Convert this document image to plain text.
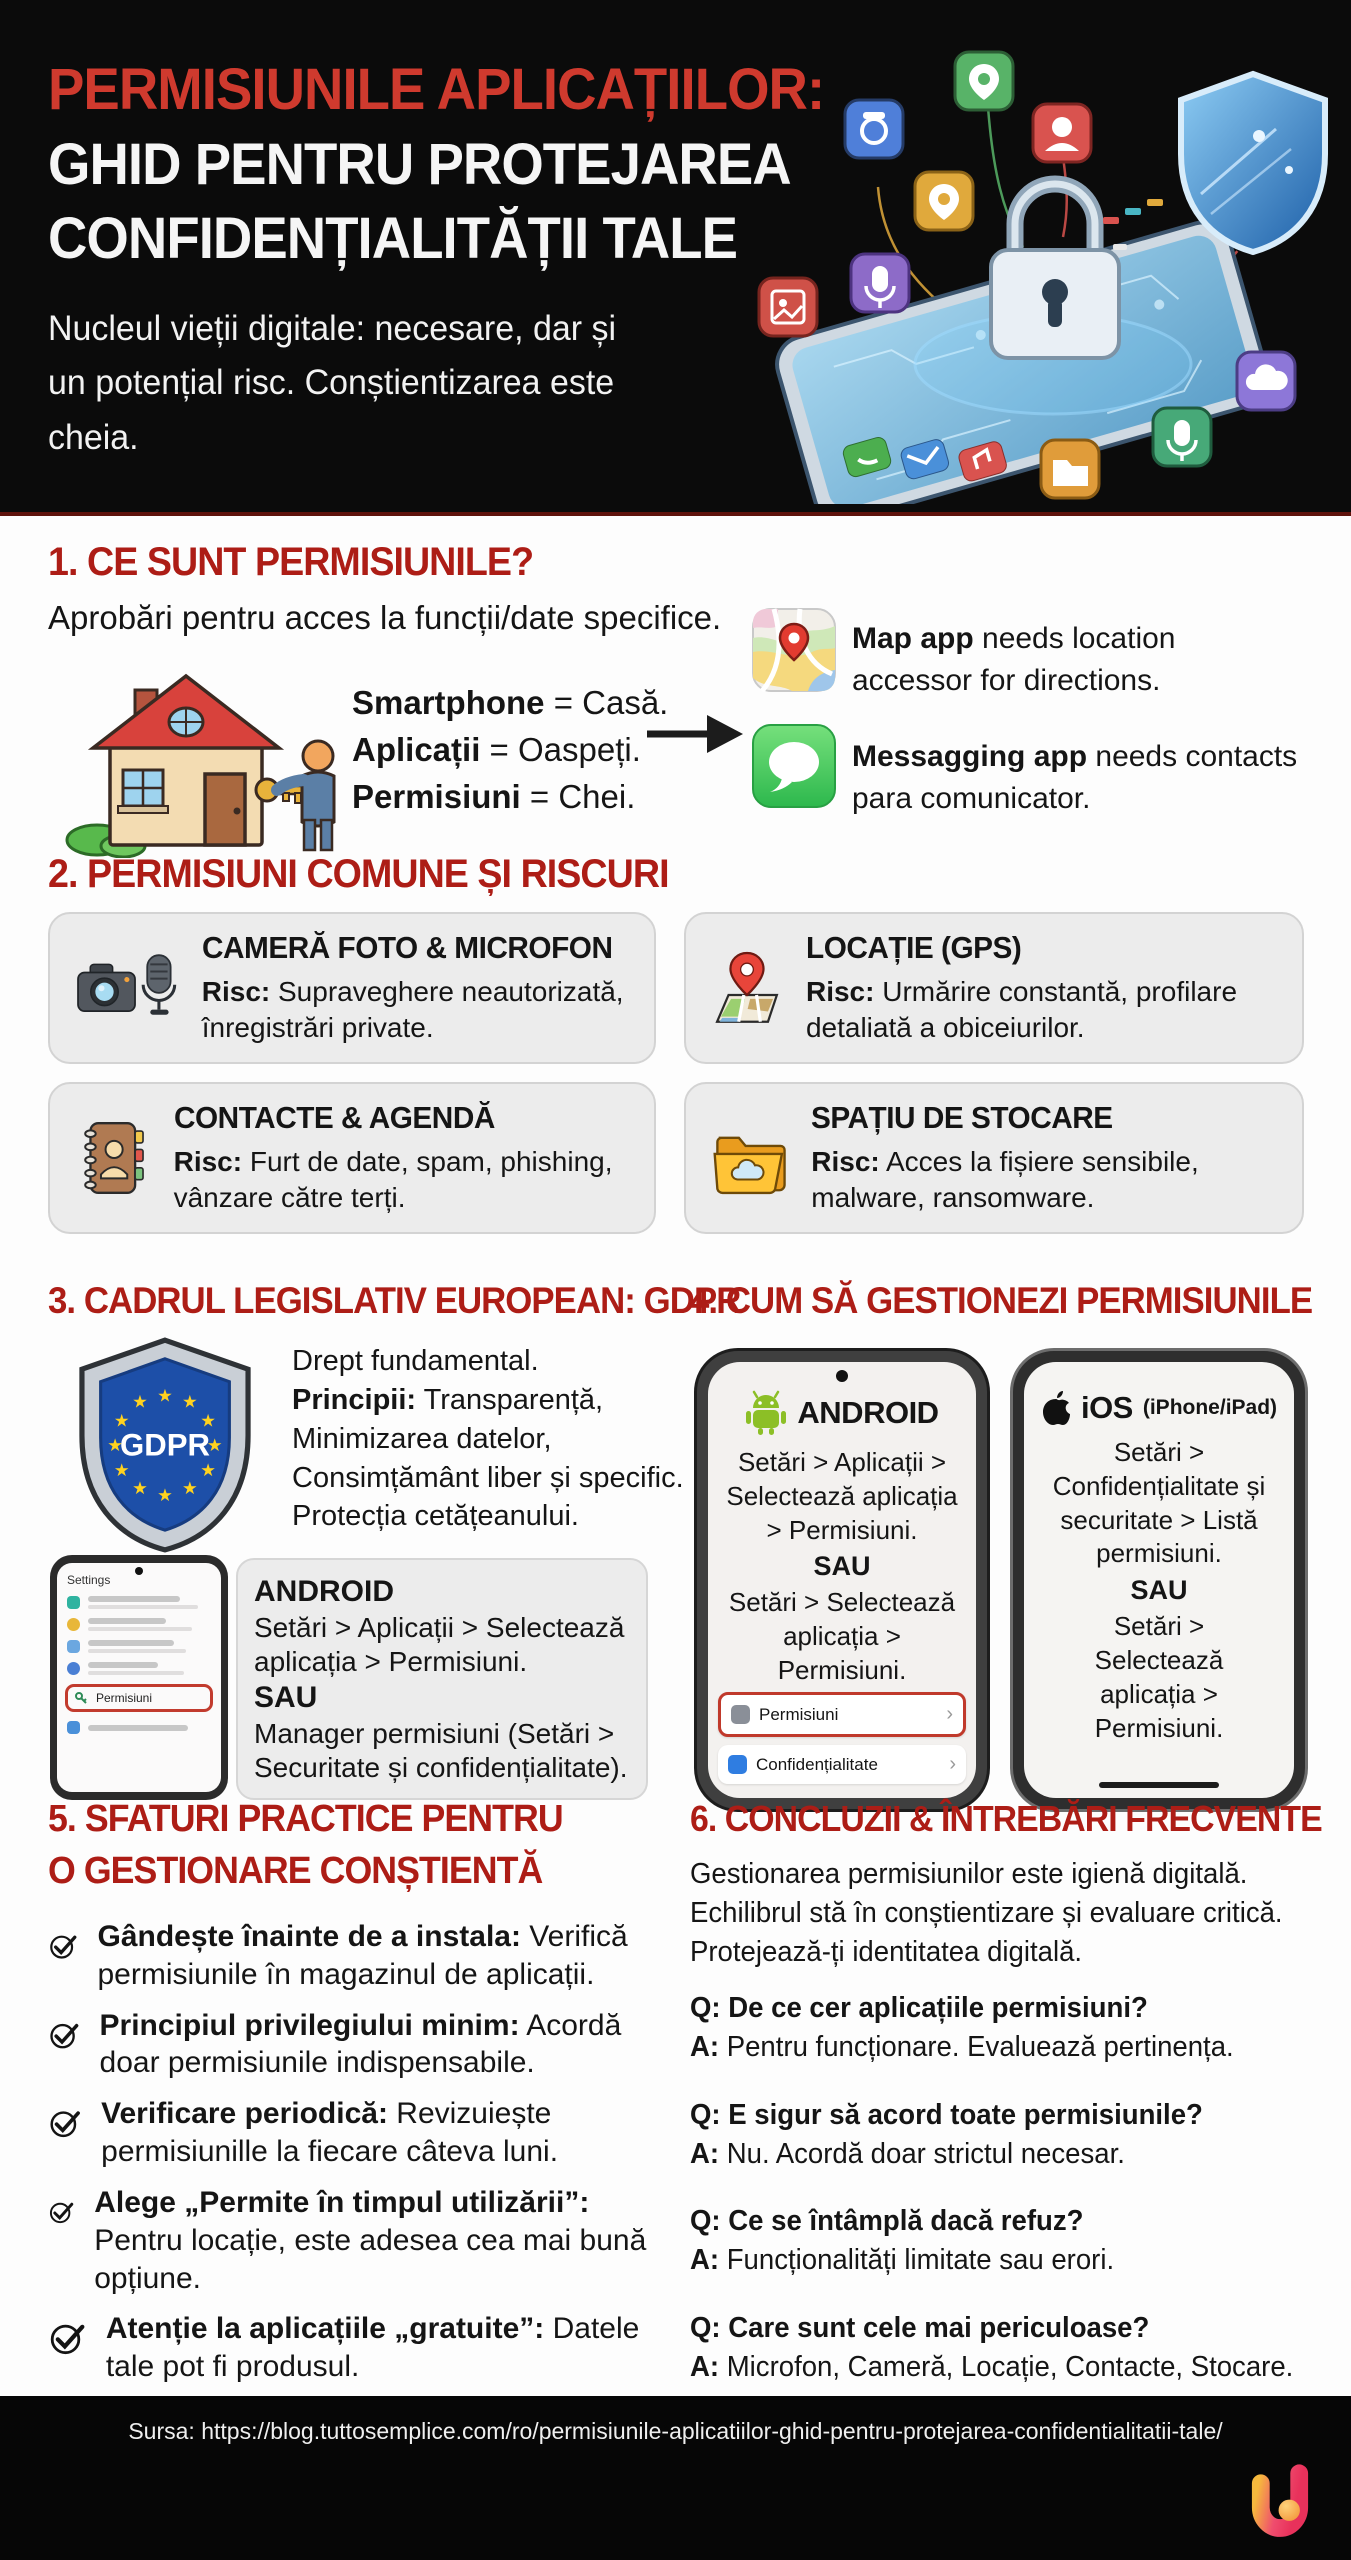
PERMISIUNILE APLICAȚIILOR:
GHID PENTRU PROTEJAREA
CONFIDENȚIALITĂȚII TALE
Nucleul vieții digitale: necesare, dar și un potențial risc. Conștientizarea este cheia.
1. CE SUNT PERMISIUNILE?
Aprobări pentru acces la funcții/date specifice.
Smartphone = Casă.
Aplicații = Oaspeți.
Permisiuni = Chei.
Map app needs location accessor for directions.
Messagging app needs contacts para comunicator.
2. PERMISIUNI COMUNE ȘI RISCURI
CAMERĂ FOTO & MICROFON

Risc: Supraveghere neautorizată, înregistrări private.

LOCAȚIE (GPS)

Risc: Urmărire constantă, profilare detaliată a obiceiurilor.

CONTACTE & AGENDĂ

Risc: Furt de date, spam, phishing, vânzare către terți.

SPAȚIU DE STOCARE

Risc: Acces la fișiere sensibile, malware, ransomware.

3. CADRUL LEGISLATIV EUROPEAN: GDPR
★
★
★
★
★
★
★
★
★ ★ ★
★
GDPR
Drept fundamental.
Principii: Transparență,
Minimizarea datelor,
Consimțământ liber și specific.
Protecția cetățeanului.
Settings
Permisiuni
ANDROID
Setări > Aplicații > Selectează aplicația > Permisiuni.
SAU
Manager permisiuni (Setări > Securitate și confidențialitate).
4. CUM SĂ GESTIONEZI PERMISIUNILE
ANDROID
Setări > Aplicații > Selectează aplicația > Permisiuni.
SAU
Setări > Selectează aplicația > Permisiuni.
Permisiuni
›
Confidențialitate
›
iOS (iPhone/iPad)
Setări > Confidențialitate și securitate > Listă permisiuni.
SAU
Setări > Selectează aplicația > Permisiuni.
5. SFATURI PRACTICE PENTRU
O GESTIONARE CONȘTIENTĂ
Gândește înainte de a instala: Verifică permisiunile în magazinul de aplicații.
Principiul privilegiului minim: Acordă doar permisiunile indispensabile.
Verificare periodică: Revizuiește permisiunille la fiecare câteva luni.
Alege „Permite în timpul utilizării”: Pentru locație, este adesea cea mai bună opțiune.
Atenție la aplicațiile „gratuite”: Datele tale pot fi produsul.
6. CONCLUZII & ÎNTREBĂRI FRECVENTE
Gestionarea permisiunilor este igienă digitală.
Echilibrul stă în conștientizare și evaluare critică.
Protejează-ți identitatea digitală.
Q: De ce cer aplicațiile permisiuni?
A: Pentru funcționare. Evaluează pertinența.
Q: E sigur să acord toate permisiunile?
A: Nu. Acordă doar strictul necesar.
Q: Ce se întâmplă dacă refuz?
A: Funcționalități limitate sau erori.
Q: Care sunt cele mai periculoase?
A: Microfon, Cameră, Locație, Contacte, Stocare.
Sursa: https://blog.tuttosemplice.com/ro/permisiunile-aplicatiilor-ghid-pentru-protejarea-confidentialitatii-tale/
